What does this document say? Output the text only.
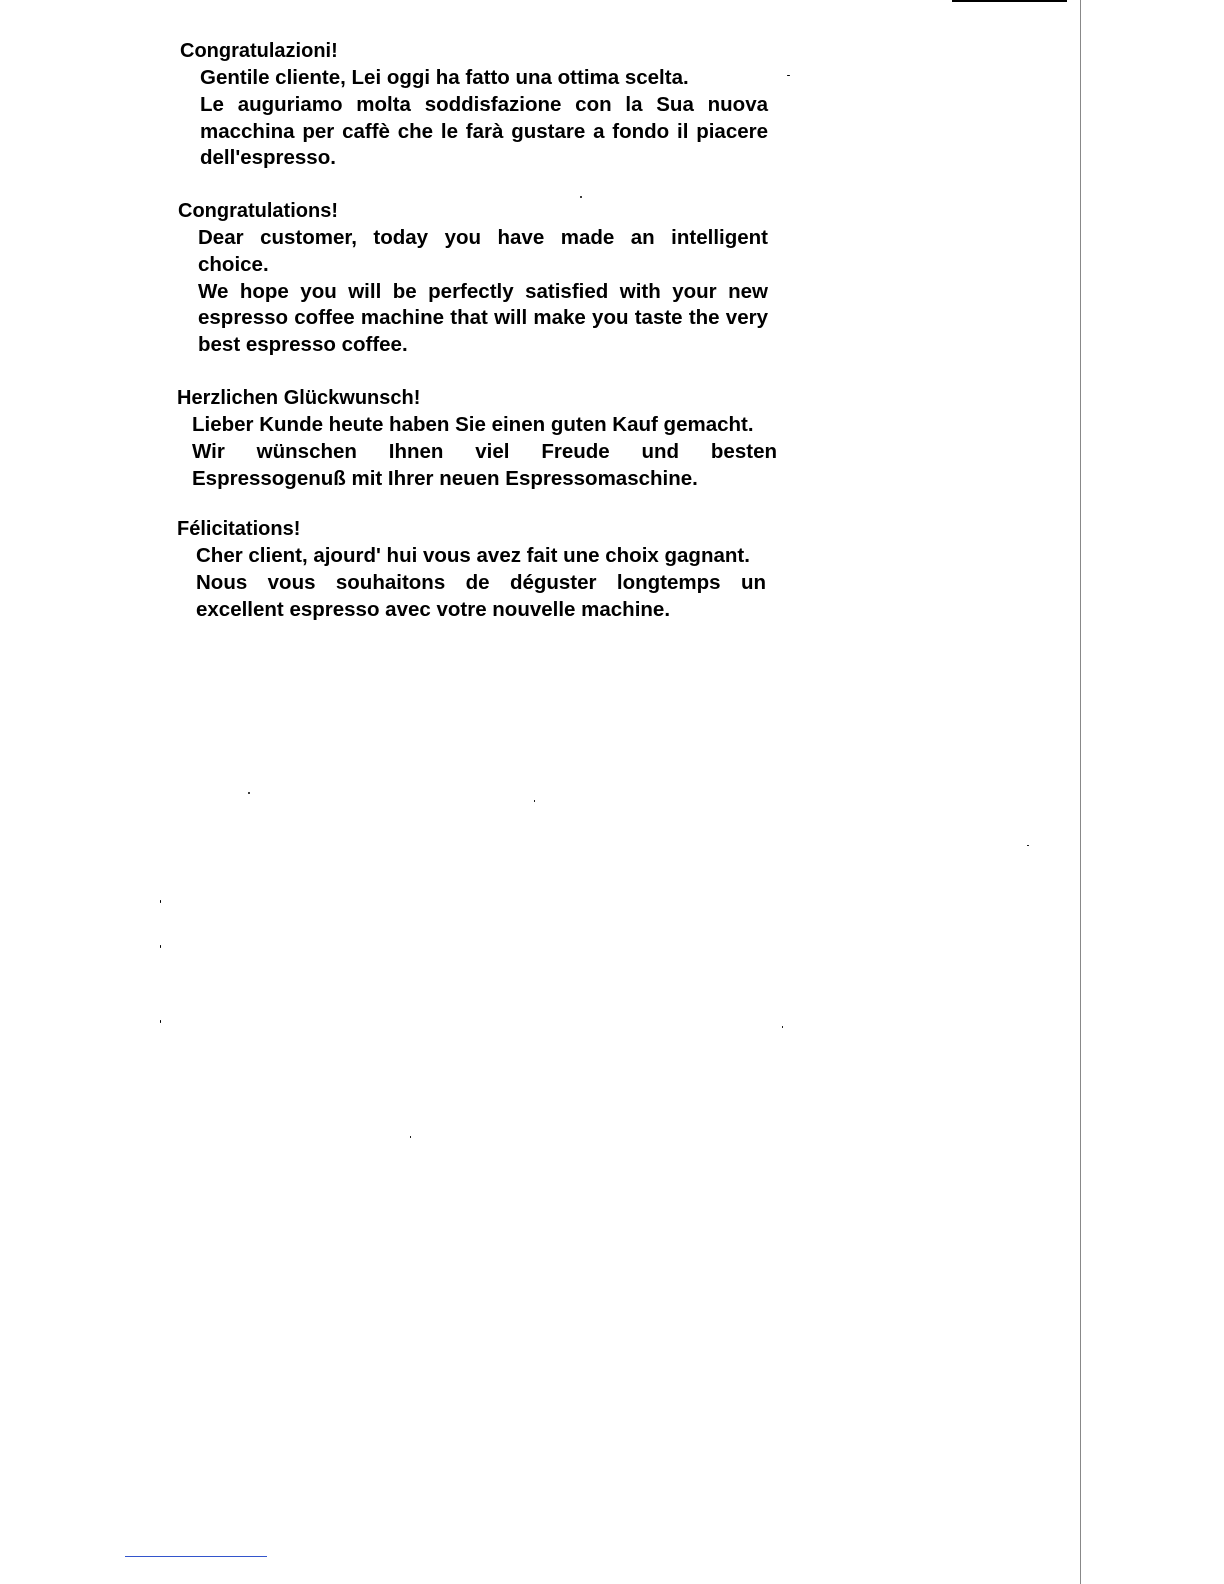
Congratulazioni!

Gentile cliente, Lei oggi ha fatto una ottima scelta.

Le auguriamo molta soddisfazione con la Sua nuova macchina per caffè che le farà gustare a fondo il piacere dell'espresso.

Congratulations!

Dear customer, today you have made an intelligent choice.

We hope you will be perfectly satisfied with your new espresso coffee machine that will make you taste the very best espresso coffee.

Herzlichen Glückwunsch!

Lieber Kunde heute haben Sie einen guten Kauf gemacht.

Wir wünschen Ihnen viel Freude und besten Espressogenuß mit Ihrer neuen Espressomaschine.

Félicitations!

Cher client, ajourd' hui vous avez fait une choix gagnant.

Nous vous souhaitons de déguster longtemps un excellent espresso avec votre nouvelle machine.
